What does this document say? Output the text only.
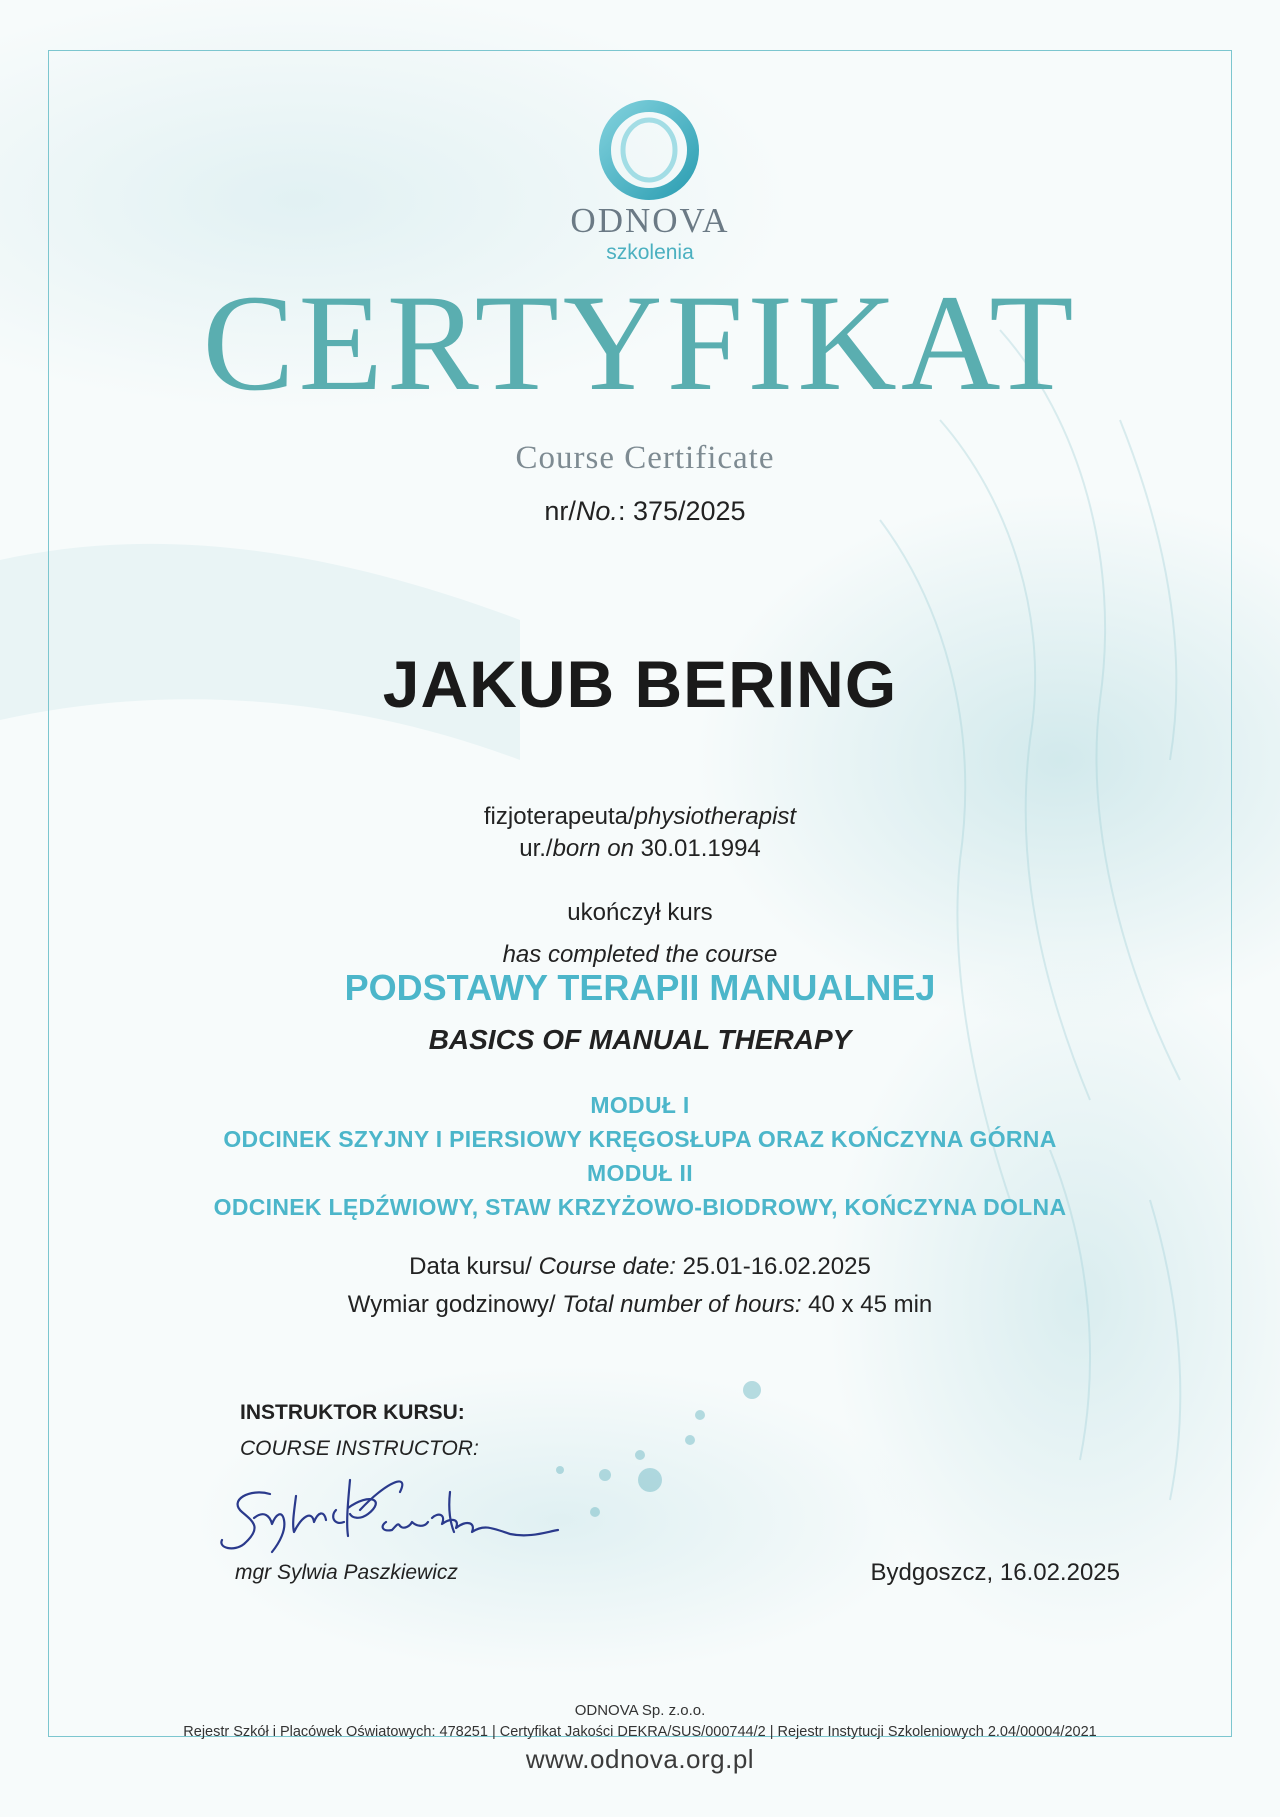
ODNOVA
szkolenia
CERTYFIKAT
Course Certificate
nr/No.: 375/2025
JAKUB BERING
fizjoterapeuta/physiotherapist
ur./born on 30.01.1994
ukończył kurs
has completed the course
PODSTAWY TERAPII MANUALNEJ
BASICS OF MANUAL THERAPY
MODUŁ I
ODCINEK SZYJNY I PIERSIOWY KRĘGOSŁUPA ORAZ KOŃCZYNA GÓRNA
MODUŁ II
ODCINEK LĘDŹWIOWY, STAW KRZYŻOWO-BIODROWY, KOŃCZYNA DOLNA
Data kursu/ Course date: 25.01-16.02.2025
Wymiar godzinowy/ Total number of hours: 40 x 45 min
INSTRUKTOR KURSU:
COURSE INSTRUCTOR:
mgr Sylwia Paszkiewicz	Bydgoszcz, 16.02.2025
ODNOVA Sp. z.o.o.
Rejestr Szkół i Placówek Oświatowych: 478251 | Certyfikat Jakości DEKRA/SUS/000744/2 | Rejestr Instytucji Szkoleniowych 2.04/00004/2021
www.odnova.org.pl
